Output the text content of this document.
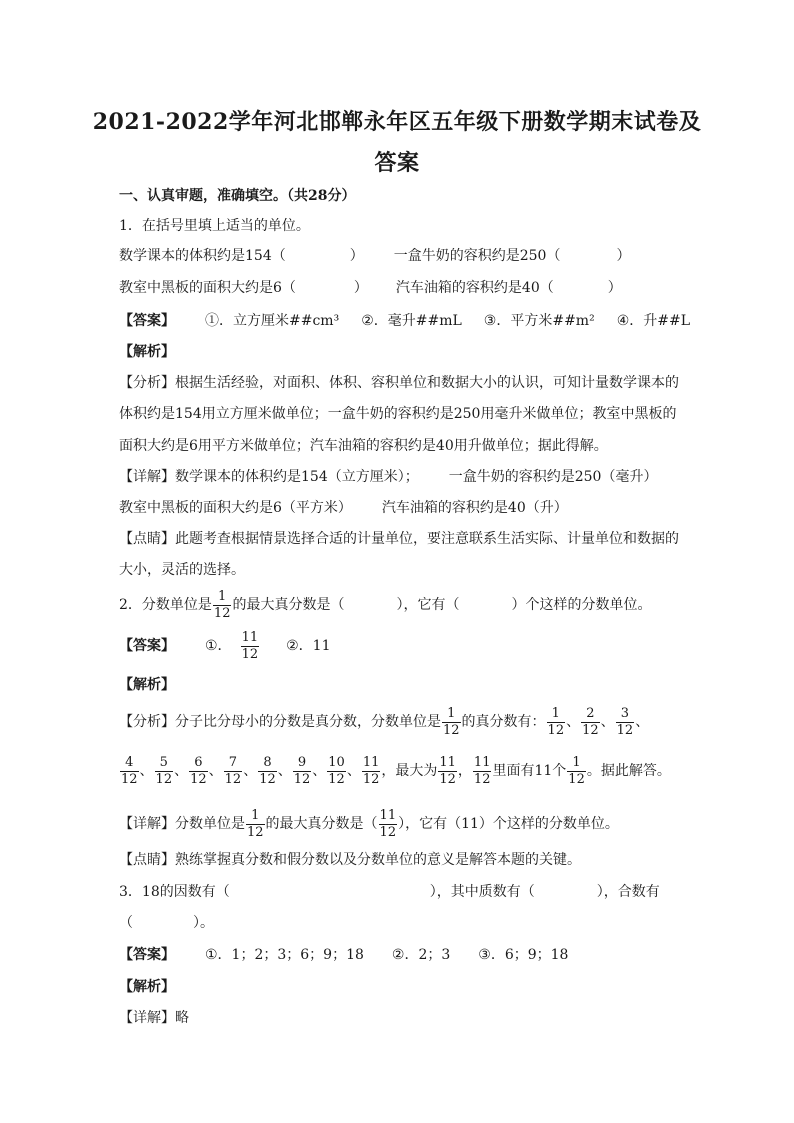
2021-2022学年河北邯郸永年区五年级下册数学期末试卷及
答案
一、认真审题，准确填空。（共28分）
1．在括号里填上适当的单位。
数学课本的体积约是154（	） 一盒牛奶的容积约是250（	）
教室中黑板的面积大约是6（	） 汽车油箱的容积约是40（	）
【答案】 ①．立方厘米##cm³ ②．毫升##mL ③．平方米##m² ④．升##L
【解析】
【分析】根据生活经验，对面积、体积、容积单位和数据大小的认识，可知计量数学课本的
体积约是154用立方厘米做单位；一盒牛奶的容积约是250用毫升米做单位；教室中黑板的
面积大约是6用平方米做单位；汽车油箱的容积约是40用升做单位；据此得解。
【详解】数学课本的体积约是154（立方厘米）； 一盒牛奶的容积约是250（毫升）
教室中黑板的面积大约是6（平方米） 汽车油箱的容积约是40（升）
【点睛】此题考查根据情景选择合适的计量单位，要注意联系生活实际、计量单位和数据的
大小，灵活的选择。
2．分数单位是 $\frac{1}{12}$ 的最大真分数是（	），它有（	）个这样的分数单位。
【答案】 ①． $\frac{11}{12}$ ②．11
【解析】
【分析】分子比分母小的分数是真分数，分数单位是 $\frac{1}{12}$ 的真分数有： $\frac{1}{12}$ 、 $\frac{2}{12}$ 、 $\frac{3}{12}$ 、
$\frac{4}{12}$ 、 $\frac{5}{12}$ 、 $\frac{6}{12}$ 、 $\frac{7}{12}$ 、 $\frac{8}{12}$ 、 $\frac{9}{12}$ 、 $\frac{10}{12}$ 、 $\frac{11}{12}$ ，最大为 $\frac{11}{12}$ ， $\frac{11}{12}$ 里面有11个 $\frac{1}{12}$ 。据此解答。
【详解】分数单位是 $\frac{1}{12}$ 的最大真分数是（ $\frac{11}{12}$ ），它有（11）个这样的分数单位。
【点睛】熟练掌握真分数和假分数以及分数单位的意义是解答本题的关键。
3．18的因数有（	），其中质数有（	），合数有
（	）。
【答案】 ①．1；2；3；6；9；18 ②．2；3 ③．6；9；18
【解析】
【详解】略
